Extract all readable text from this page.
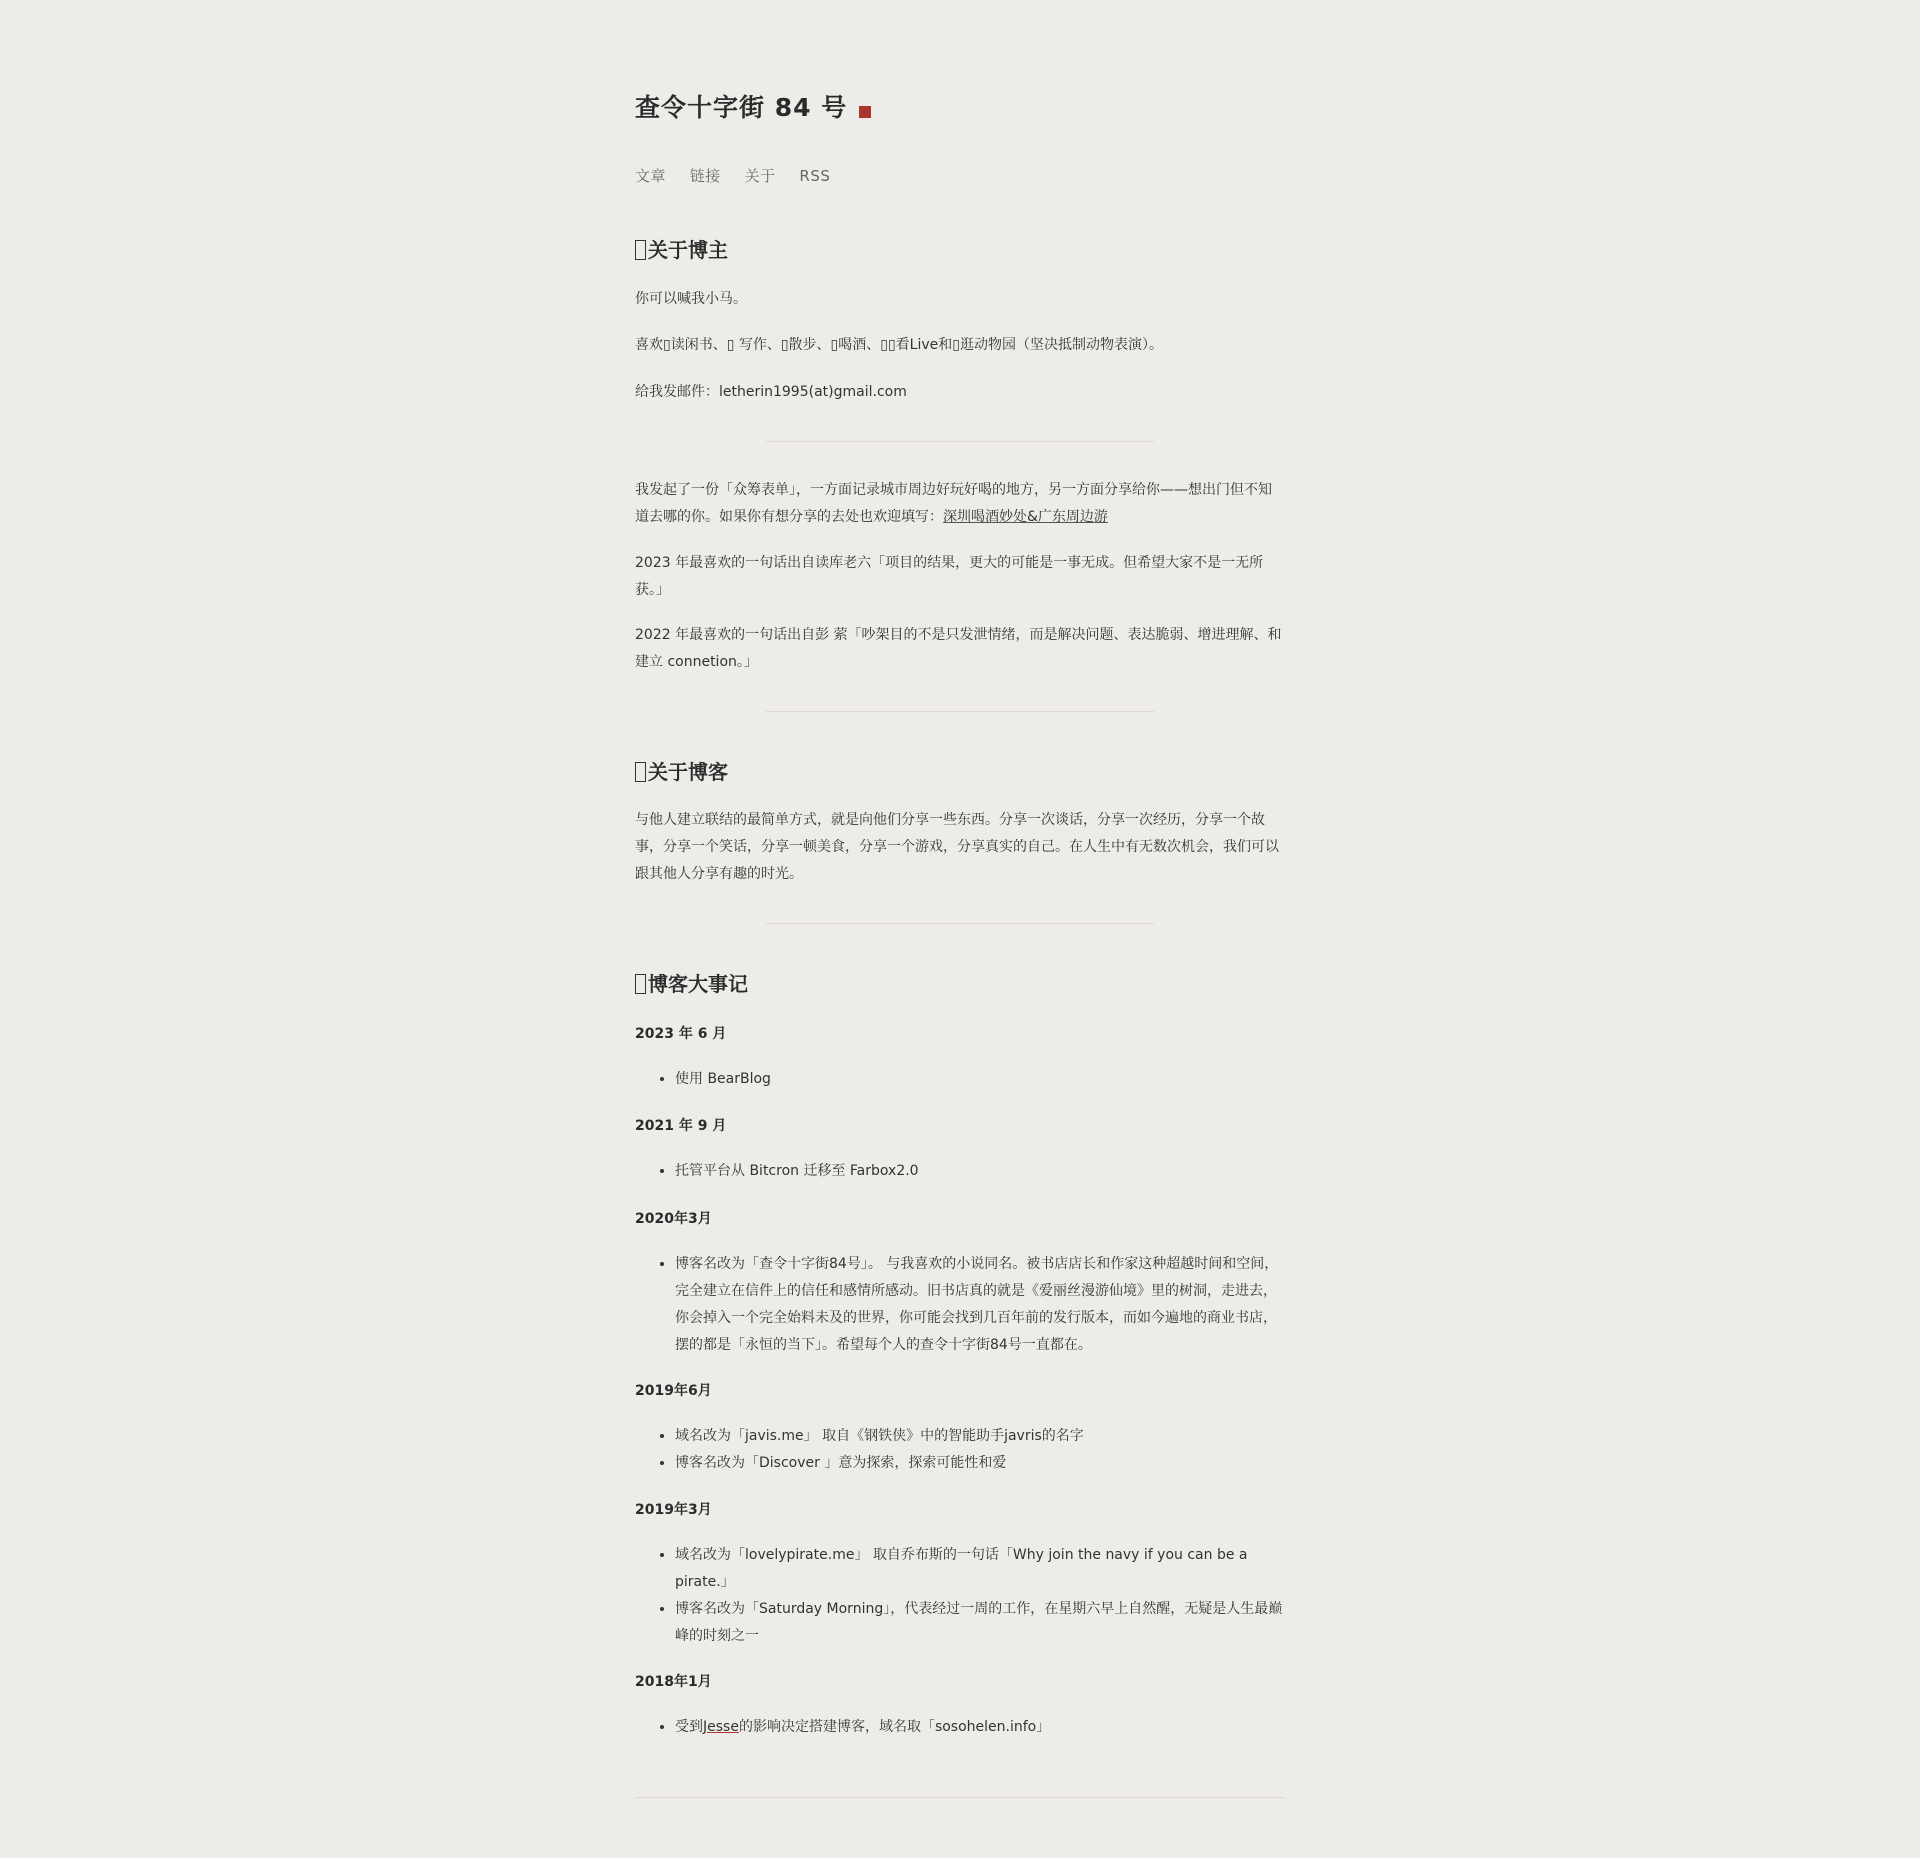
查令十字街 84 号
文章 链接 关于 RSS
关于博主

你可以喊我小马。

喜欢▯读闲书、▯ 写作、▯散步、▯喝酒、▯▯看Live和▯逛动物园（坚决抵制动物表演）。

给我发邮件：letherin1995(at)gmail.com

我发起了一份「众筹表单」，一方面记录城市周边好玩好喝的地方，另一方面分享给你——想出门但不知道去哪的你。如果你有想分享的去处也欢迎填写：深圳喝酒妙处&广东周边游

2023 年最喜欢的一句话出自读库老六「项目的结果，更大的可能是一事无成。但希望大家不是一无所获。」

2022 年最喜欢的一句话出自彭 萦「吵架目的不是只发泄情绪，而是解决问题、表达脆弱、增进理解、和建立 connetion。」

关于博客

与他人建立联结的最简单方式，就是向他们分享一些东西。分享一次谈话，分享一次经历，分享一个故事，分享一个笑话，分享一顿美食，分享一个游戏，分享真实的自己。在人生中有无数次机会，我们可以跟其他人分享有趣的时光。

博客大事记
2023 年 6 月
• 使用 BearBlog
2021 年 9 月
• 托管平台从 Bitcron 迁移至 Farbox2.0
2020年3月
• 博客名改为「查令十字街84号」。 与我喜欢的小说同名。被书店店长和作家这种超越时间和空间，完全建立在信件上的信任和感情所感动。旧书店真的就是《爱丽丝漫游仙境》里的树洞，走进去，你会掉入一个完全始料未及的世界，你可能会找到几百年前的发行版本，而如今遍地的商业书店，摆的都是「永恒的当下」。希望每个人的查令十字街84号一直都在。
2019年6月
• 域名改为「javis.me」 取自《钢铁侠》中的智能助手javris的名字
• 博客名改为「Discover 」意为探索，探索可能性和爱
2019年3月
• 域名改为「lovelypirate.me」 取自乔布斯的一句话「Why join the navy if you can be a pirate.」
• 博客名改为「Saturday Morning」，代表经过一周的工作，在星期六早上自然醒，无疑是人生最巅峰的时刻之一
2018年1月
• 受到Jesse的影响决定搭建博客，域名取「sosohelen.info」
